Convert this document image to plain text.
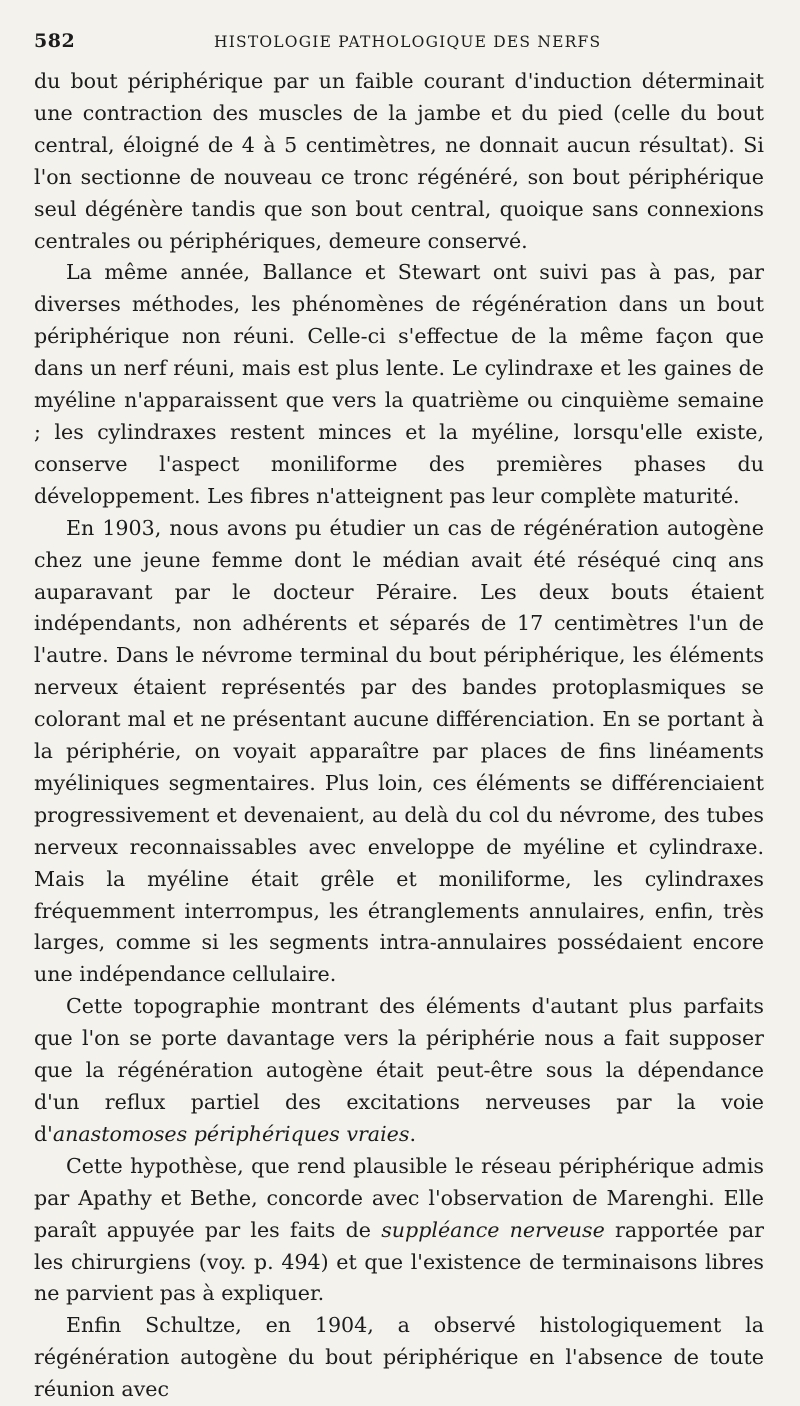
582	HISTOLOGIE PATHOLOGIQUE DES NERFS

du bout périphérique par un faible courant d'induction déterminait une contraction des muscles de la jambe et du pied (celle du bout central, éloigné de 4 à 5 centimètres, ne donnait aucun résultat). Si l'on sectionne de nouveau ce tronc régénéré, son bout périphérique seul dégénère tandis que son bout central, quoique sans connexions centrales ou périphériques, demeure conservé.

La même année, Ballance et Stewart ont suivi pas à pas, par diverses méthodes, les phénomènes de régénération dans un bout périphérique non réuni. Celle-ci s'effectue de la même façon que dans un nerf réuni, mais est plus lente. Le cylindraxe et les gaines de myéline n'apparaissent que vers la quatrième ou cinquième semaine ; les cylindraxes restent minces et la myéline, lorsqu'elle existe, conserve l'aspect moniliforme des premières phases du développement. Les fibres n'atteignent pas leur complète maturité.

En 1903, nous avons pu étudier un cas de régénération autogène chez une jeune femme dont le médian avait été réséqué cinq ans auparavant par le docteur Péraire. Les deux bouts étaient indépendants, non adhérents et séparés de 17 centimètres l'un de l'autre. Dans le névrome terminal du bout périphérique, les éléments nerveux étaient représentés par des bandes protoplasmiques se colorant mal et ne présentant aucune différenciation. En se portant à la périphérie, on voyait apparaître par places de fins linéaments myéliniques segmentaires. Plus loin, ces éléments se différenciaient progressivement et devenaient, au delà du col du névrome, des tubes nerveux reconnaissables avec enveloppe de myéline et cylindraxe. Mais la myéline était grêle et moniliforme, les cylindraxes fréquemment interrompus, les étranglements annulaires, enfin, très larges, comme si les segments intra-annulaires possédaient encore une indépendance cellulaire.

Cette topographie montrant des éléments d'autant plus parfaits que l'on se porte davantage vers la périphérie nous a fait supposer que la régénération autogène était peut-être sous la dépendance d'un reflux partiel des excitations nerveuses par la voie d'anastomoses périphériques vraies.

Cette hypothèse, que rend plausible le réseau périphérique admis par Apathy et Bethe, concorde avec l'observation de Marenghi. Elle paraît appuyée par les faits de suppléance nerveuse rapportée par les chirurgiens (voy. p. 494) et que l'existence de terminaisons libres ne parvient pas à expliquer.

Enfin Schultze, en 1904, a observé histologiquement la régénération autogène du bout périphérique en l'absence de toute réunion avec
